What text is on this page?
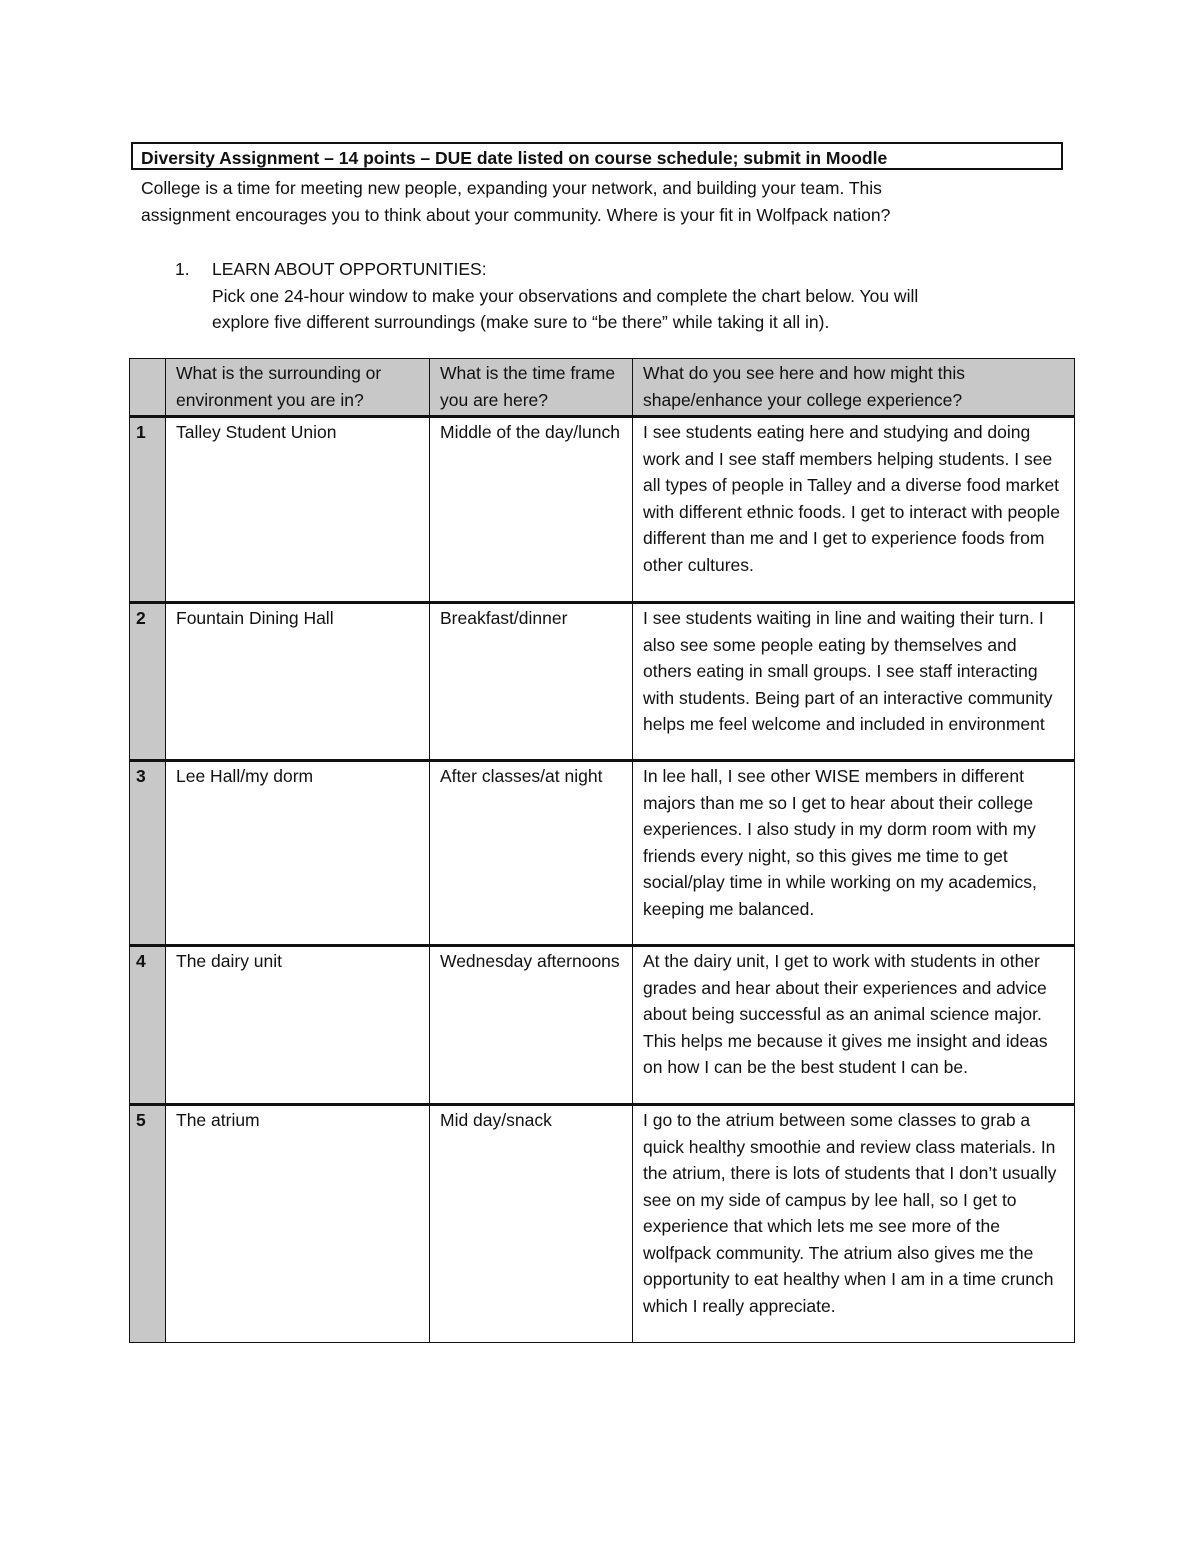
Diversity Assignment – 14 points – DUE date listed on course schedule; submit in Moodle
College is a time for meeting new people, expanding your network, and building your team. This
assignment encourages you to think about your community. Where is your fit in Wolfpack nation?
1. LEARN ABOUT OPPORTUNITIES:
Pick one 24-hour window to make your observations and complete the chart below. You will
explore five different surroundings (make sure to “be there” while taking it all in).
	What is the surrounding or environment you are in?	What is the time frame you are here?	What do you see here and how might this shape/enhance your college experience?
1	Talley Student Union	Middle of the day/lunch	I see students eating here and studying and doing work and I see staff members helping students. I see all types of people in Talley and a diverse food market with different ethnic foods. I get to interact with people different than me and I get to experience foods from other cultures.
2	Fountain Dining Hall	Breakfast/dinner	I see students waiting in line and waiting their turn. I also see some people eating by themselves and others eating in small groups. I see staff interacting with students. Being part of an interactive community helps me feel welcome and included in environment
3	Lee Hall/my dorm	After classes/at night	In lee hall, I see other WISE members in different majors than me so I get to hear about their college experiences. I also study in my dorm room with my friends every night, so this gives me time to get social/play time in while working on my academics, keeping me balanced.
4	The dairy unit	Wednesday afternoons	At the dairy unit, I get to work with students in other grades and hear about their experiences and advice about being successful as an animal science major. This helps me because it gives me insight and ideas on how I can be the best student I can be.
5	The atrium	Mid day/snack	I go to the atrium between some classes to grab a quick healthy smoothie and review class materials. In the atrium, there is lots of students that I don’t usually see on my side of campus by lee hall, so I get to experience that which lets me see more of the wolfpack community. The atrium also gives me the opportunity to eat healthy when I am in a time crunch which I really appreciate.
